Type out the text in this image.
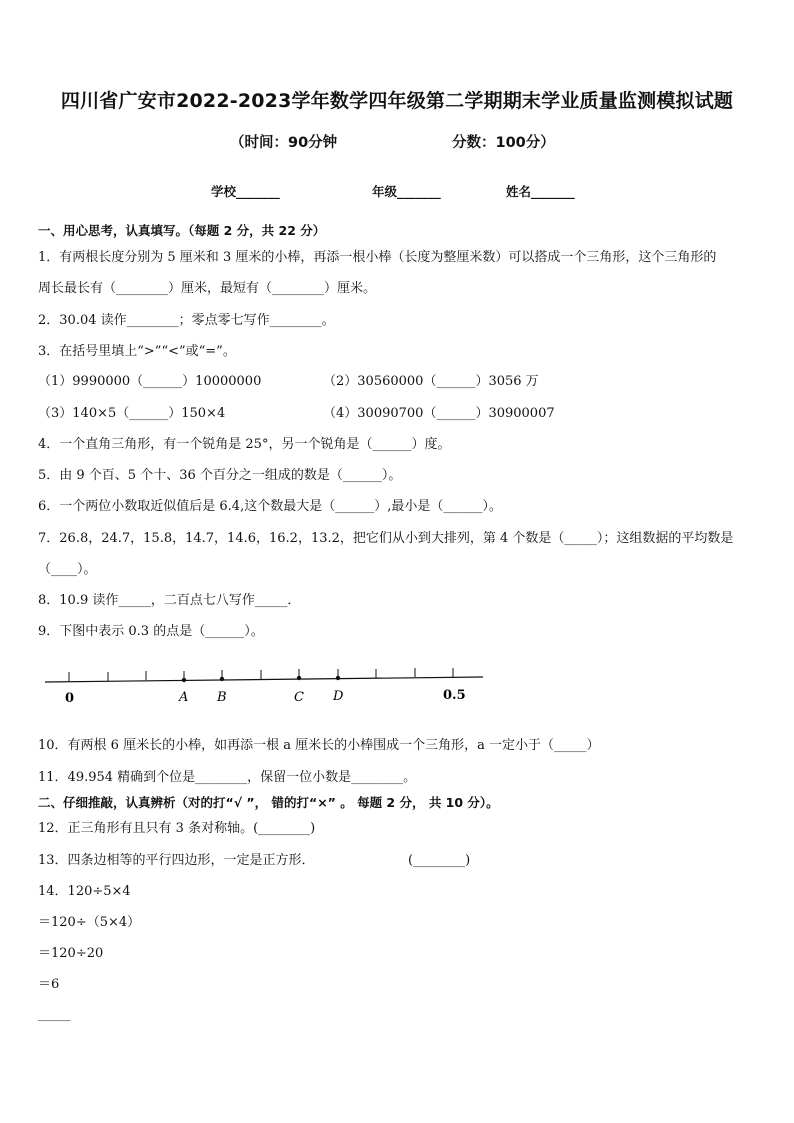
四川省广安市2022-2023学年数学四年级第二学期期末学业质量监测模拟试题
（时间：90分钟	分数：100分）
学校_______	年级_______	姓名_______
一、用心思考，认真填写。（每题 2 分，共 22 分）
1．有两根长度分别为 5 厘米和 3 厘米的小棒，再添一根小棒（长度为整厘米数）可以搭成一个三角形，这个三角形的
周长最长有（________）厘米，最短有（________）厘米。
2．30.04 读作________；零点零七写作________。
3．在括号里填上“>”“<”或“=”。
（1）9990000（______）10000000	（2）30560000（______）3056 万
（3）140×5（______）150×4	（4）30090700（______）30900007
4．一个直角三角形，有一个锐角是 25°，另一个锐角是（______）度。
5．由 9 个百、5 个十、36 个百分之一组成的数是（______）。
6．一个两位小数取近似值后是 6.4,这个数最大是（______）,最小是（______）。
7．26.8，24.7，15.8，14.7，14.6，16.2，13.2，把它们从小到大排列，第 4 个数是（_____）；这组数据的平均数是
（____）。
8．10.9 读作_____，二百点七八写作_____．
9．下图中表示 0.3 的点是（______）。
0	A B	C D	0.5
10．有两根 6 厘米长的小棒，如再添一根 a 厘米长的小棒围成一个三角形，a 一定小于（_____）
11．49.954 精确到个位是________，保留一位小数是________。
二、仔细推敲，认真辨析（对的打“√ ”， 错的打“×” 。 每题 2 分， 共 10 分）。
12．正三角形有且只有 3 条对称轴。(________)
13．四条边相等的平行四边形，一定是正方形．	(________)
14．120÷5×4
＝120÷（5×4）
＝120÷20
＝6
_____
